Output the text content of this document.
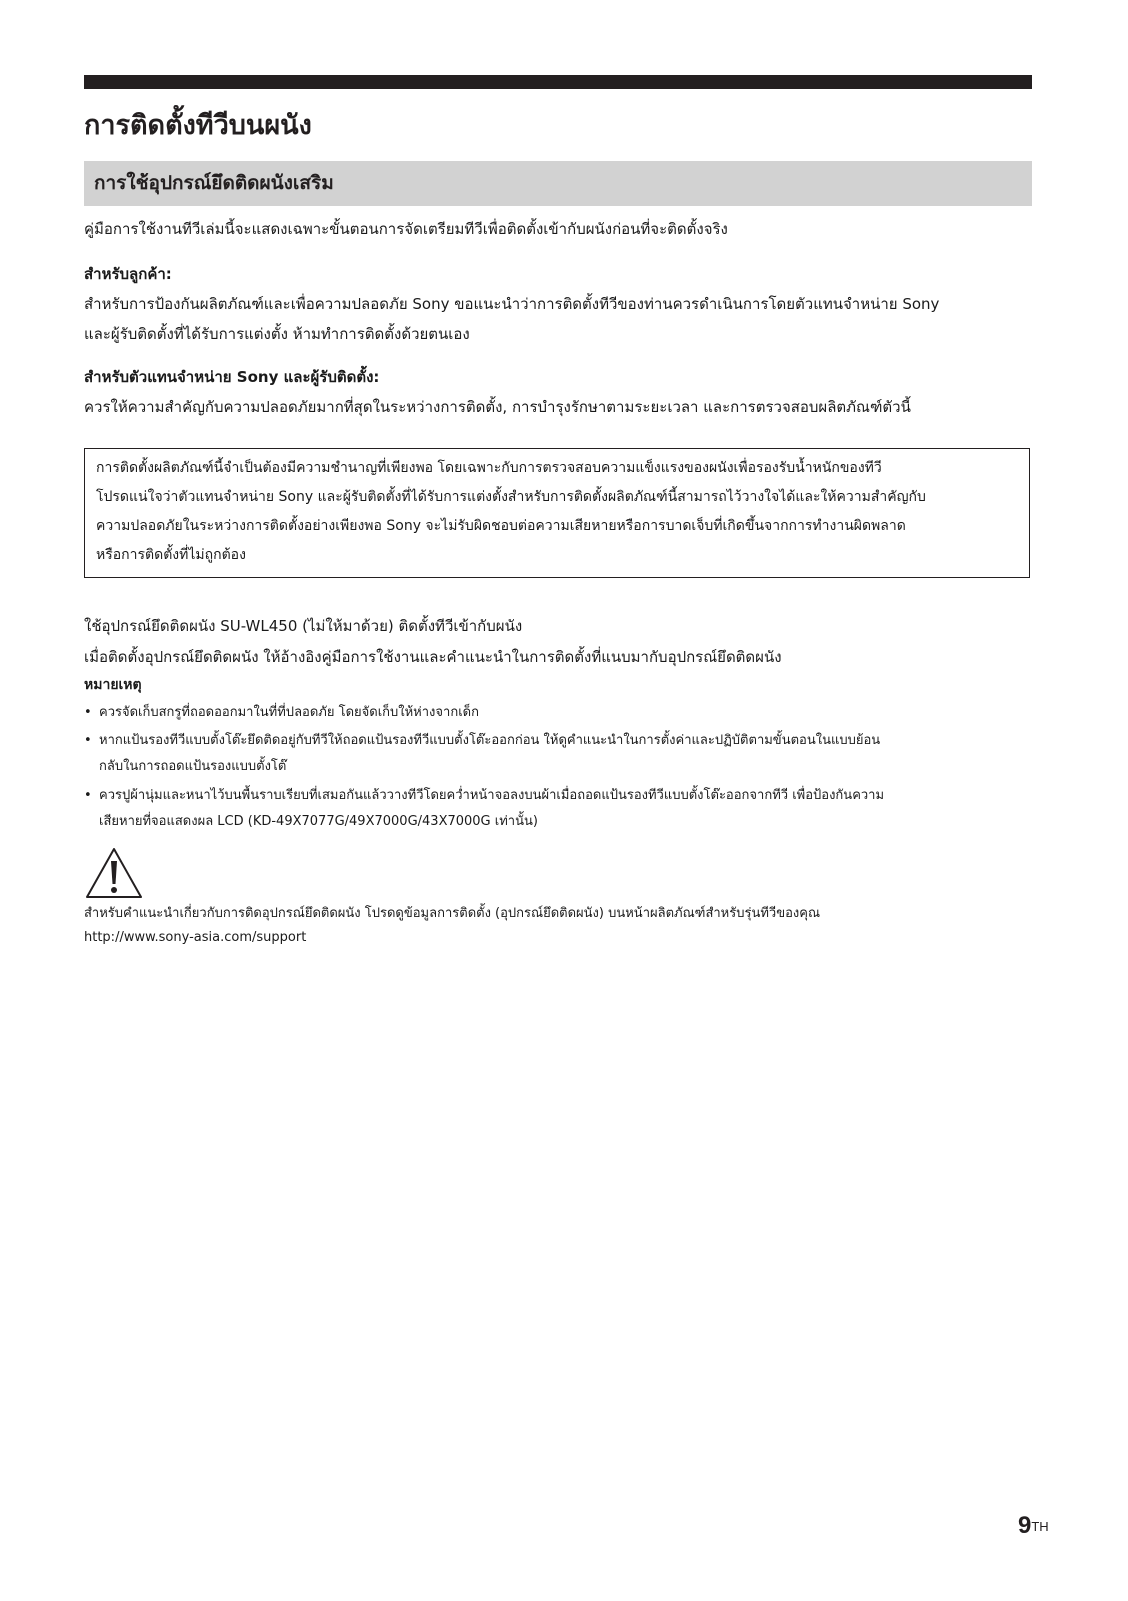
การติดตั้งทีวีบนผนัง
การใช้อุปกรณ์ยึดติดผนังเสริม

คู่มือการใช้งานทีวีเล่มนี้จะแสดงเฉพาะขั้นตอนการจัดเตรียมทีวีเพื่อติดตั้งเข้ากับผนังก่อนที่จะติดตั้งจริง

สำหรับลูกค้า:

สำหรับการป้องกันผลิตภัณฑ์และเพื่อความปลอดภัย Sony ขอแนะนำว่าการติดตั้งทีวีของท่านควรดำเนินการโดยตัวแทนจำหน่าย Sony

และผู้รับติดตั้งที่ได้รับการแต่งตั้ง ห้ามทำการติดตั้งด้วยตนเอง

สำหรับตัวแทนจำหน่าย Sony และผู้รับติดตั้ง:

ควรให้ความสำคัญกับความปลอดภัยมากที่สุดในระหว่างการติดตั้ง, การบำรุงรักษาตามระยะเวลา และการตรวจสอบผลิตภัณฑ์ตัวนี้

การติดตั้งผลิตภัณฑ์นี้จำเป็นต้องมีความชำนาญที่เพียงพอ โดยเฉพาะกับการตรวจสอบความแข็งแรงของผนังเพื่อรองรับน้ำหนักของทีวี

โปรดแน่ใจว่าตัวแทนจำหน่าย Sony และผู้รับติดตั้งที่ได้รับการแต่งตั้งสำหรับการติดตั้งผลิตภัณฑ์นี้สามารถไว้วางใจได้และให้ความสำคัญกับ

ความปลอดภัยในระหว่างการติดตั้งอย่างเพียงพอ Sony จะไม่รับผิดชอบต่อความเสียหายหรือการบาดเจ็บที่เกิดขึ้นจากการทำงานผิดพลาด

หรือการติดตั้งที่ไม่ถูกต้อง

ใช้อุปกรณ์ยึดติดผนัง SU-WL450 (ไม่ให้มาด้วย) ติดตั้งทีวีเข้ากับผนัง

เมื่อติดตั้งอุปกรณ์ยึดติดผนัง ให้อ้างอิงคู่มือการใช้งานและคำแนะนำในการติดตั้งที่แนบมากับอุปกรณ์ยึดติดผนัง

หมายเหตุ

• ควรจัดเก็บสกรูที่ถอดออกมาในที่ที่ปลอดภัย โดยจัดเก็บให้ห่างจากเด็ก

• หากแป้นรองทีวีแบบตั้งโต๊ะยึดติดอยู่กับทีวีให้ถอดแป้นรองทีวีแบบตั้งโต๊ะออกก่อน ให้ดูคำแนะนำในการตั้งค่าและปฏิบัติตามขั้นตอนในแบบย้อน

กลับในการถอดแป้นรองแบบตั้งโต๊

• ควรปูผ้านุ่มและหนาไว้บนพื้นราบเรียบที่เสมอกันแล้ววางทีวีโดยคว่ำหน้าจอลงบนผ้าเมื่อถอดแป้นรองทีวีแบบตั้งโต๊ะออกจากทีวี เพื่อป้องกันความ

เสียหายที่จอแสดงผล LCD (KD-49X7077G/49X7000G/43X7000G เท่านั้น)

สำหรับคำแนะนำเกี่ยวกับการติดอุปกรณ์ยึดติดผนัง โปรดดูข้อมูลการติดตั้ง (อุปกรณ์ยึดติดผนัง) บนหน้าผลิตภัณฑ์สำหรับรุ่นทีวีของคุณ

http://www.sony-asia.com/support

9TH
